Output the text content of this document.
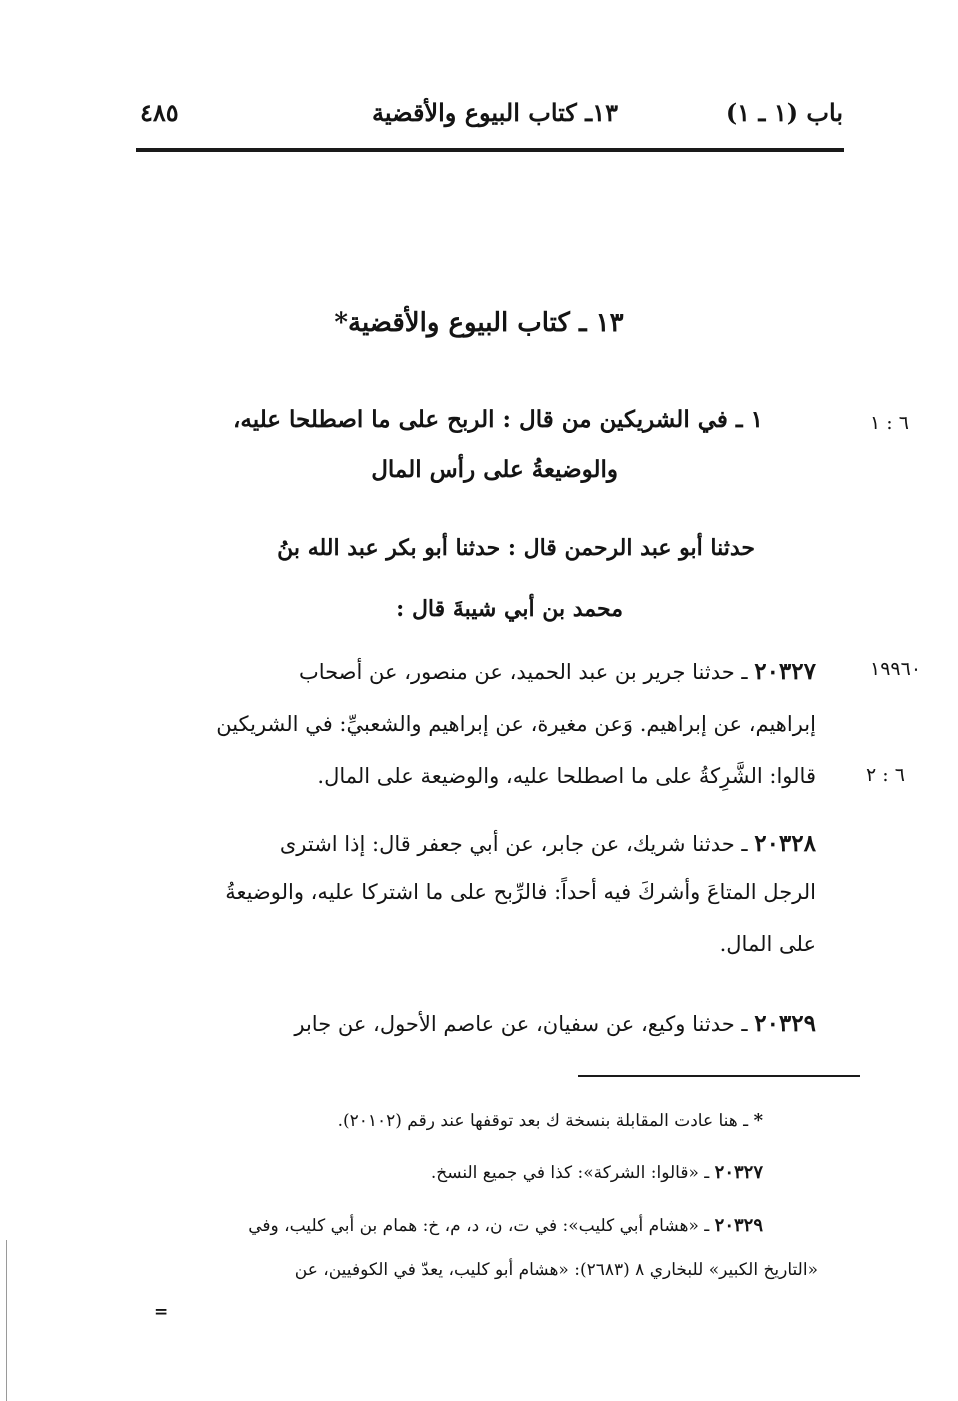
باب (١ ـ ١)
١٣ـ كتاب البيوع والأقضية
٤٨٥
١٣ ـ كتاب البيوع والأقضية*
٦ : ١
١ ـ في الشريكين من قال : الربح على ما اصطلحا عليه،
والوضيعةُ على رأس المال
حدثنا أبو عبد الرحمن قال : حدثنا أبو بكر عبد الله بنُ
محمد بن أبي شيبةَ قال :
١٩٩٦٠
٢٠٣٢٧ ـ حدثنا جرير بن عبد الحميد، عن منصور، عن أصحاب
إبراهيم، عن إبراهيم. وَعن مغيرة، عن إبراهيم والشعبيِّ: في الشريكين
٦ : ٢
قالوا: الشَّرِكةُ على ما اصطلحا عليه، والوضيعة على المال.
٢٠٣٢٨ ـ حدثنا شريك، عن جابر، عن أبي جعفر قال: إذا اشترى
الرجل المتاعَ وأشركَ فيه أحداً: فالرِّبح على ما اشتركا عليه، والوضيعةُ
على المال.
٢٠٣٢٩ ـ حدثنا وكيع، عن سفيان، عن عاصم الأحول، عن جابر
* ـ هنا عادت المقابلة بنسخة ك بعد توقفها عند رقم (٢٠١٠٢).
٢٠٣٢٧ ـ «قالوا: الشركة»: كذا في جميع النسخ.
٢٠٣٢٩ ـ «هشام أبي كليب»: في ت، ن، د، م، خ: همام بن أبي كليب، وفي
«التاريخ الكبير» للبخاري ٨ (٢٦٨٣): «هشام أبو كليب، يعدّ في الكوفيين، عن
=
